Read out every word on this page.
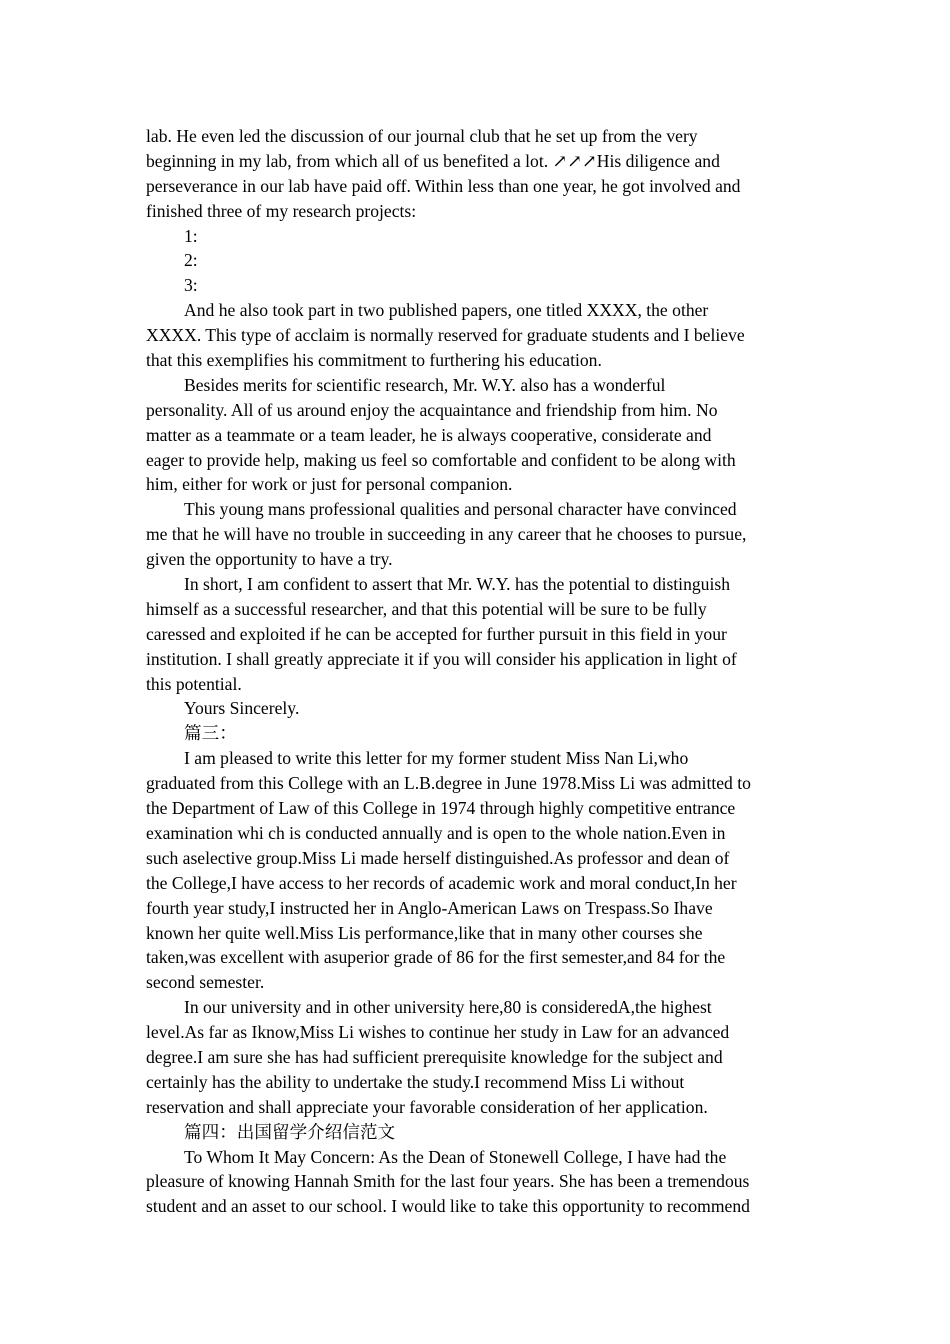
lab. He even led the discussion of our journal club that he set up from the very
beginning in my lab, from which all of us benefited a lot. ↗↗↗His diligence and
perseverance in our lab have paid off. Within less than one year, he got involved and
finished three of my research projects:
1:
2:
3:
And he also took part in two published papers, one titled XXXX, the other
XXXX. This type of acclaim is normally reserved for graduate students and I believe
that this exemplifies his commitment to furthering his education.
Besides merits for scientific research, Mr. W.Y. also has a wonderful
personality. All of us around enjoy the acquaintance and friendship from him. No
matter as a teammate or a team leader, he is always cooperative, considerate and
eager to provide help, making us feel so comfortable and confident to be along with
him, either for work or just for personal companion.
This young mans professional qualities and personal character have convinced
me that he will have no trouble in succeeding in any career that he chooses to pursue,
given the opportunity to have a try.
In short, I am confident to assert that Mr. W.Y. has the potential to distinguish
himself as a successful researcher, and that this potential will be sure to be fully
caressed and exploited if he can be accepted for further pursuit in this field in your
institution. I shall greatly appreciate it if you will consider his application in light of
this potential.
Yours Sincerely.
篇三：
I am pleased to write this letter for my former student Miss Nan Li,who
graduated from this College with an L.B.degree in June 1978.Miss Li was admitted to
the Department of Law of this College in 1974 through highly competitive entrance
examination whi ch is conducted annually and is open to the whole nation.Even in
such aselective group.Miss Li made herself distinguished.As professor and dean of
the College,I have access to her records of academic work and moral conduct,In her
fourth year study,I instructed her in Anglo-American Laws on Trespass.So Ihave
known her quite well.Miss Lis performance,like that in many other courses she
taken,was excellent with asuperior grade of 86 for the first semester,and 84 for the
second semester.
In our university and in other university here,80 is consideredA,the highest
level.As far as Iknow,Miss Li wishes to continue her study in Law for an advanced
degree.I am sure she has had sufficient prerequisite knowledge for the subject and
certainly has the ability to undertake the study.I recommend Miss Li without
reservation and shall appreciate your favorable consideration of her application.
篇四：出国留学介绍信范文
To Whom It May Concern: As the Dean of Stonewell College, I have had the
pleasure of knowing Hannah Smith for the last four years. She has been a tremendous
student and an asset to our school. I would like to take this opportunity to recommend
